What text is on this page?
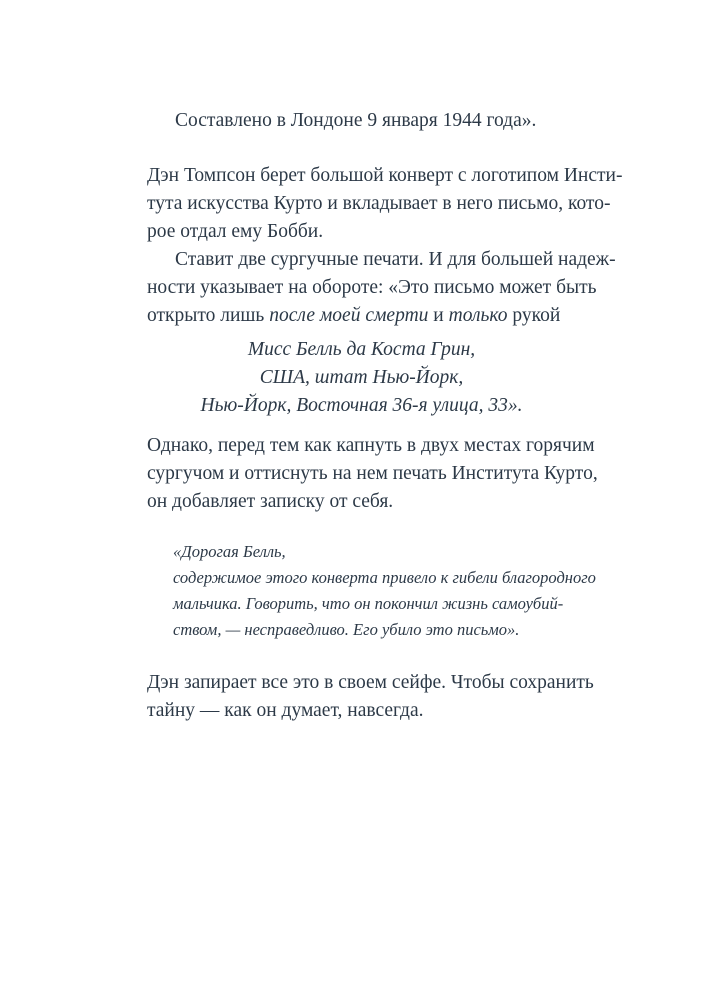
Составлено в Лондоне 9 января 1944 года».
Дэн Томпсон берет большой конверт с логотипом Инсти-
тута искусства Курто и вкладывает в него письмо, кото-
рое отдал ему Бобби.
Ставит две сургучные печати. И для большей надеж-
ности указывает на обороте: «Это письмо может быть
открыто лишь после моей смерти и только рукой
Мисс Белль да Коста Грин,
США, штат Нью-Йорк,
Нью-Йорк, Восточная 36-я улица, 33».
Однако, перед тем как капнуть в двух местах горячим
сургучом и оттиснуть на нем печать Института Курто,
он добавляет записку от себя.
«Дорогая Белль,
содержимое этого конверта привело к гибели благородного
мальчика. Говорить, что он покончил жизнь самоубий-
ством, — несправедливо. Его убило это письмо».
Дэн запирает все это в своем сейфе. Чтобы сохранить
тайну — как он думает, навсегда.
